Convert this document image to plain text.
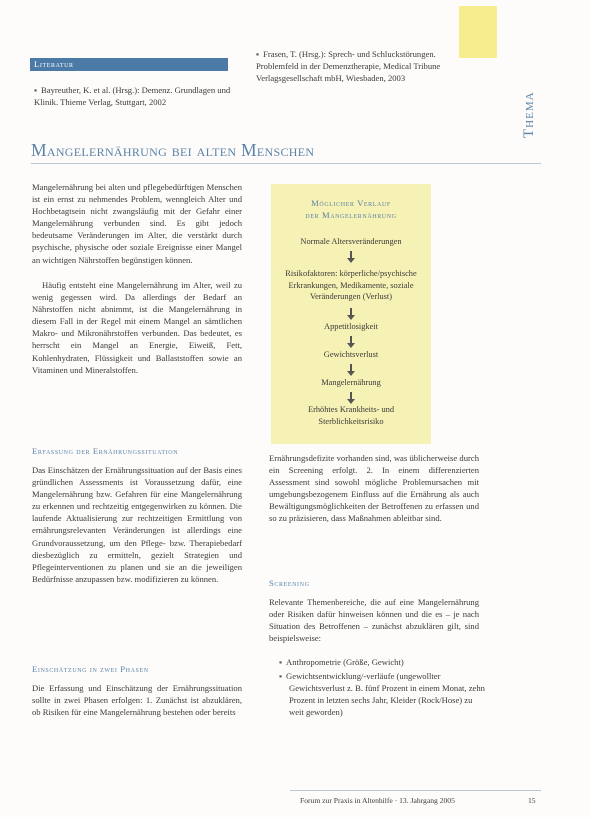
Thema
Literatur
▪ Bayreuther, K. et al. (Hrsg.): Demenz. Grundlagen und Klinik. Thieme Verlag, Stuttgart, 2002
▪ Frasen, T. (Hrsg.): Sprech- und Schluckstörungen. Problemfeld in der Demenztherapie, Medical Tribune Verlagsgesellschaft mbH, Wiesbaden, 2003
Mangelernährung bei alten Menschen
Mangelernährung bei alten und pflegebedürftigen Menschen ist ein ernst zu nehmendes Problem, wenngleich Alter und Hochbetagtsein nicht zwangsläufig mit der Gefahr einer Mangelernährung verbunden sind. Es gibt jedoch bedeutsame Veränderungen im Alter, die verstärkt durch psychische, physische oder soziale Ereignisse einer Mangel an wichtigen Nährstoffen begünstigen können.
Häufig entsteht eine Mangelernährung im Alter, weil zu wenig gegessen wird. Da allerdings der Bedarf an Nährstoffen nicht abnimmt, ist die Mangelernährung in diesem Fall in der Regel mit einem Mangel an sämtlichen Makro- und Mikronährstoffen verbunden. Das bedeutet, es herrscht ein Mangel an Energie, Eiweiß, Fett, Kohlenhydraten, Flüssigkeit und Ballaststoffen sowie an Vitaminen und Mineralstoffen.
Möglicher Verlauf
der Mangelernährung
Normale Altersveränderungen
Risikofaktoren: körperliche/psychische Erkrankungen, Medikamente, soziale Veränderungen (Verlust)
Appetitlosigkeit
Gewichtsverlust
Mangelernährung
Erhöhtes Krankheits- und Sterblichkeitsrisiko
Erfassung der Ernährungssituation
Das Einschätzen der Ernährungssituation auf der Basis eines gründlichen Assessments ist Voraussetzung dafür, eine Mangelernährung bzw. Gefahren für eine Mangelernährung zu erkennen und rechtzeitig entgegenwirken zu können. Die laufende Aktualisierung zur rechtzeitigen Ermittlung von ernährungsrelevanten Veränderungen ist allerdings eine Grundvoraussetzung, um den Pflege- bzw. Therapiebedarf diesbezüglich zu ermitteln, gezielt Strategien und Pflegeinterventionen zu planen und sie an die jeweiligen Bedürfnisse anzupassen bzw. modifizieren zu können.
Einschätzung in zwei Phasen
Die Erfassung und Einschätzung der Ernährungssituation sollte in zwei Phasen erfolgen: 1. Zunächst ist abzuklären, ob Risiken für eine Mangelernährung bestehen oder bereits
Ernährungsdefizite vorhanden sind, was üblicherweise durch ein Screening erfolgt. 2. In einem differenzierten Assessment sind sowohl mögliche Problemursachen mit umgebungsbezogenem Einfluss auf die Ernährung als auch Bewältigungsmöglichkeiten der Betroffenen zu erfassen und so zu präzisieren, dass Maßnahmen ableitbar sind.
Screening
Relevante Themenbereiche, die auf eine Mangelernährung oder Risiken dafür hinweisen können und die es – je nach Situation des Betroffenen – zunächst abzuklären gilt, sind beispielsweise:
▪ Anthropometrie (Größe, Gewicht)
▪ Gewichtsentwicklung/-verläufe (ungewollter Gewichtsverlust z. B. fünf Prozent in einem Monat, zehn Prozent in letzten sechs Jahr, Kleider (Rock/Hose) zu weit geworden)
Forum zur Praxis in Altenhilfe · 13. Jahrgang 2005	15
